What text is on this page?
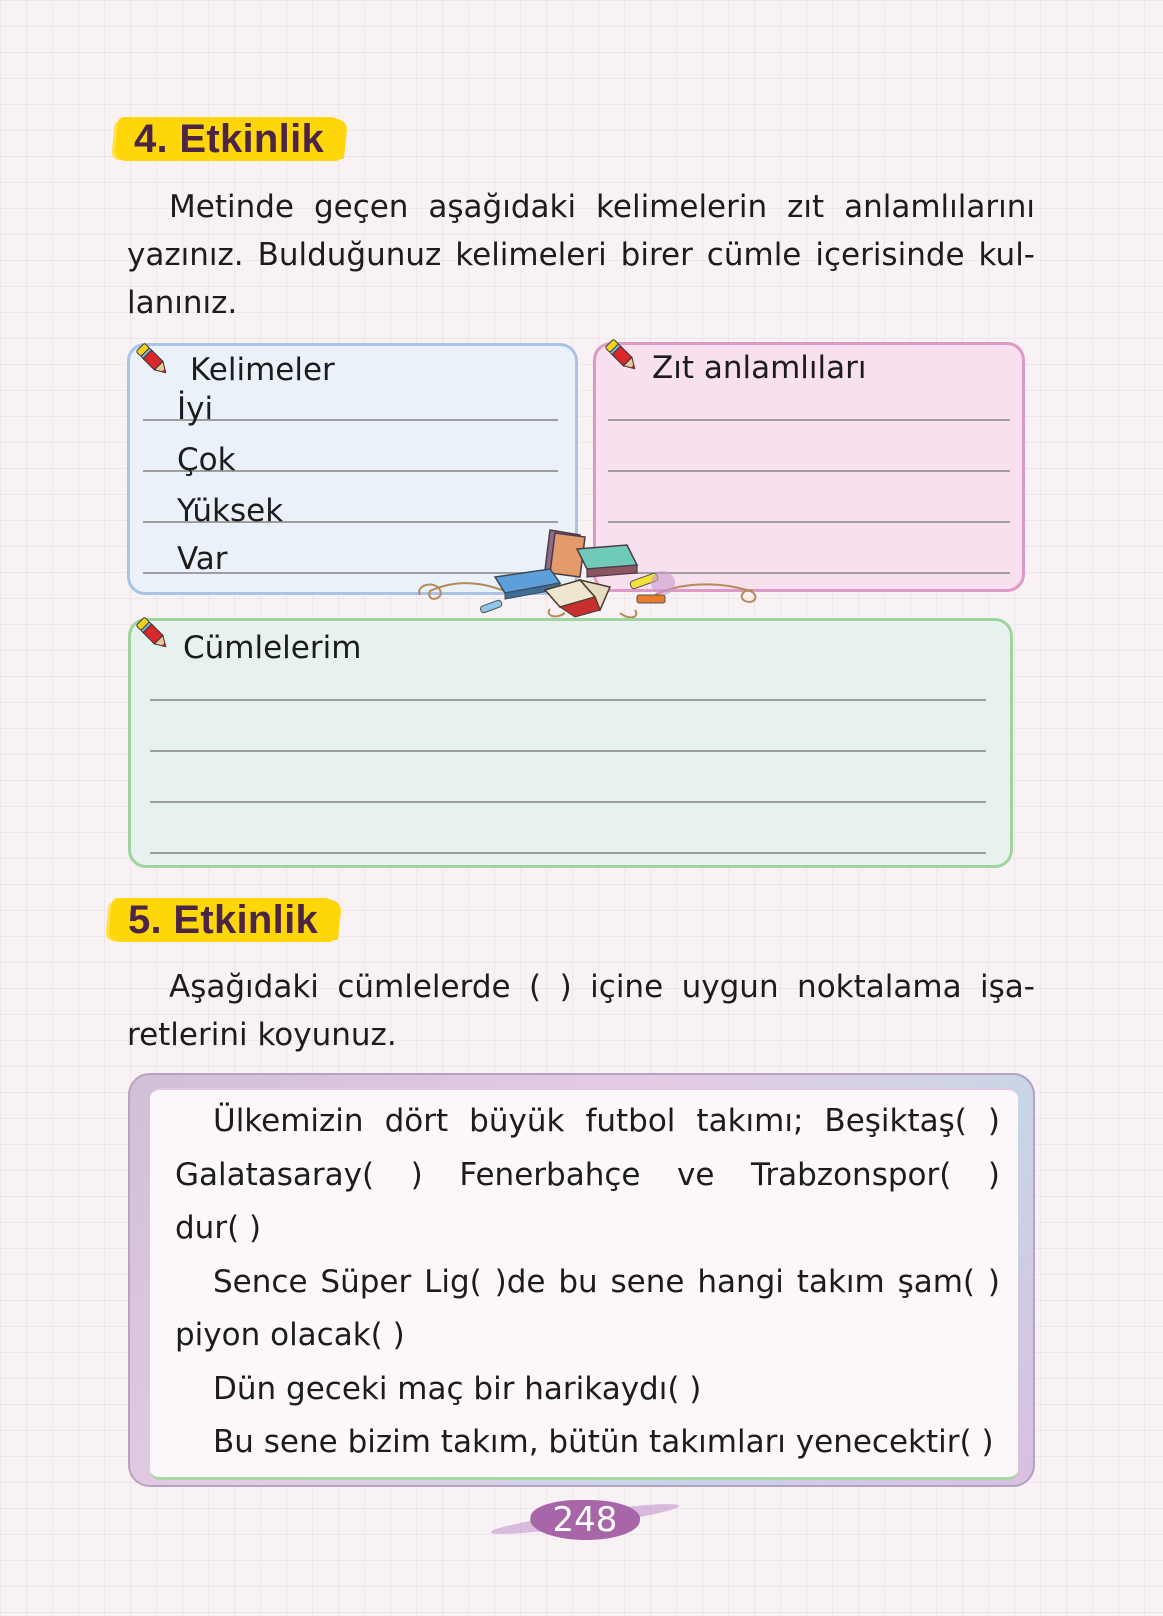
4. Etkinlik
Metinde geçen aşağıdaki kelimelerin zıt anlamlılarını
yazınız. Bulduğunuz kelimeleri birer cümle içerisinde kul-
lanınız.
Kelimeler
İyi
Çok
Yüksek
Var
Zıt anlamlıları
Cümlelerim
5. Etkinlik
Aşağıdaki cümlelerde ( ) içine uygun noktalama işa-
retlerini koyunuz.

Ülkemizin dört büyük futbol takımı; Beşiktaş( )

Galatasaray( ) Fenerbahçe ve Trabzonspor( )

dur( )

Sence Süper Lig( )de bu sene hangi takım şam( )

piyon olacak( )

Dün geceki maç bir harikaydı( )

Bu sene bizim takım, bütün takımları yenecektir( )

248
